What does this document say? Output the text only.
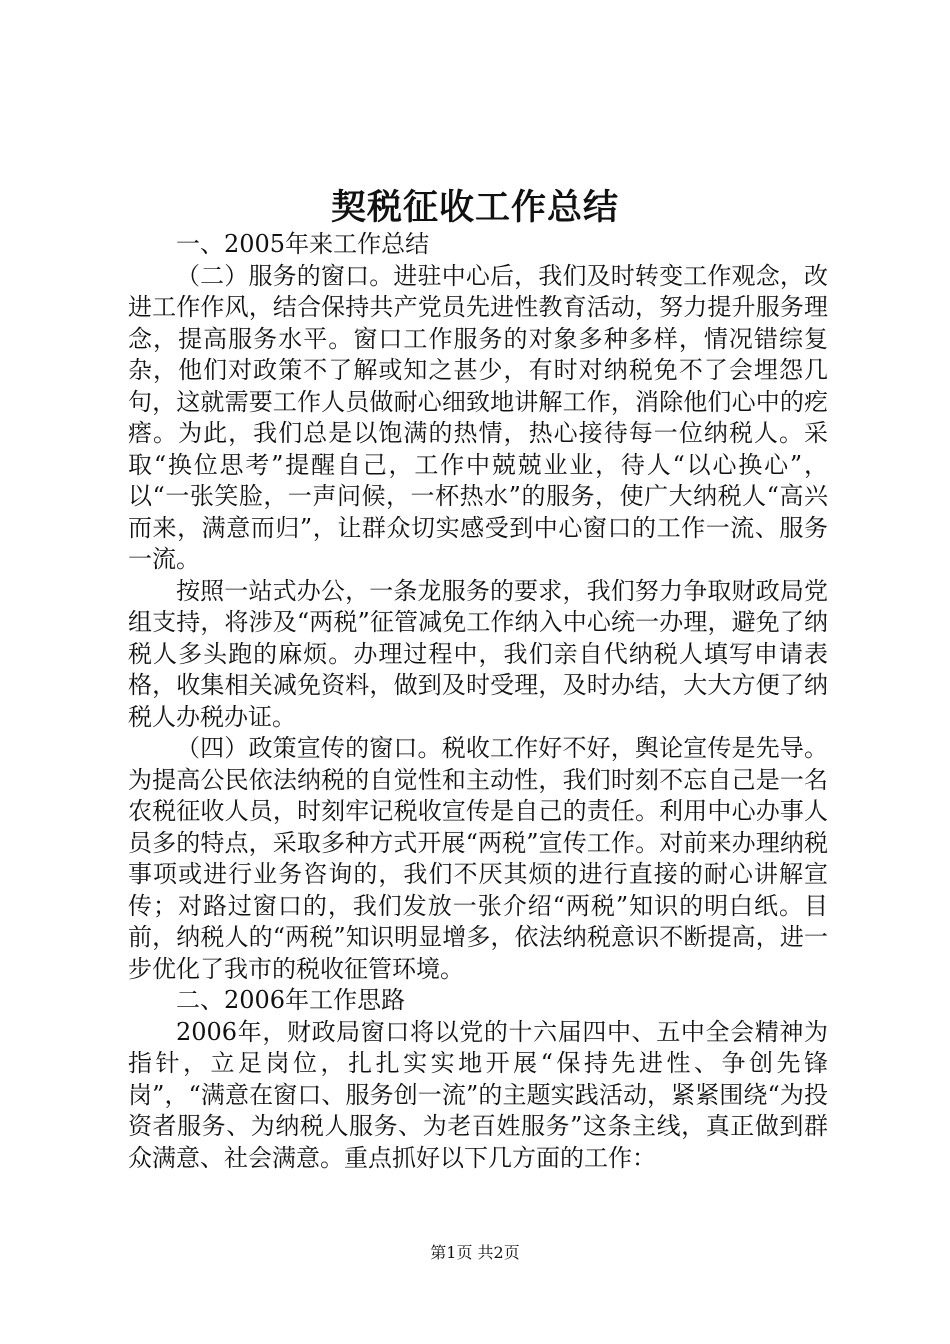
契税征收工作总结

一、2005年来工作总结

（二）服务的窗口。进驻中心后，我们及时转变工作观念，改进工作作风，结合保持共产党员先进性教育活动，努力提升服务理念，提高服务水平。窗口工作服务的对象多种多样，情况错综复杂，他们对政策不了解或知之甚少，有时对纳税免不了会埋怨几句，这就需要工作人员做耐心细致地讲解工作，消除他们心中的疙瘩。为此，我们总是以饱满的热情，热心接待每一位纳税人。采取“换位思考”提醒自己，工作中兢兢业业，待人“以心换心”，以“一张笑脸，一声问候，一杯热水”的服务，使广大纳税人“高兴而来，满意而归”，让群众切实感受到中心窗口的工作一流、服务一流。

按照一站式办公，一条龙服务的要求，我们努力争取财政局党组支持，将涉及“两税”征管减免工作纳入中心统一办理，避免了纳税人多头跑的麻烦。办理过程中，我们亲自代纳税人填写申请表格，收集相关减免资料，做到及时受理，及时办结，大大方便了纳税人办税办证。

（四）政策宣传的窗口。税收工作好不好，舆论宣传是先导。为提高公民依法纳税的自觉性和主动性，我们时刻不忘自己是一名农税征收人员，时刻牢记税收宣传是自己的责任。利用中心办事人员多的特点，采取多种方式开展“两税”宣传工作。对前来办理纳税事项或进行业务咨询的，我们不厌其烦的进行直接的耐心讲解宣传；对路过窗口的，我们发放一张介绍“两税”知识的明白纸。目前，纳税人的“两税”知识明显增多，依法纳税意识不断提高，进一步优化了我市的税收征管环境。

二、2006年工作思路

2006年，财政局窗口将以党的十六届四中、五中全会精神为指针，立足岗位，扎扎实实地开展“保持先进性、争创先锋岗”，“满意在窗口、服务创一流”的主题实践活动，紧紧围绕“为投资者服务、为纳税人服务、为老百姓服务”这条主线，真正做到群众满意、社会满意。重点抓好以下几方面的工作：

第1页 共2页
